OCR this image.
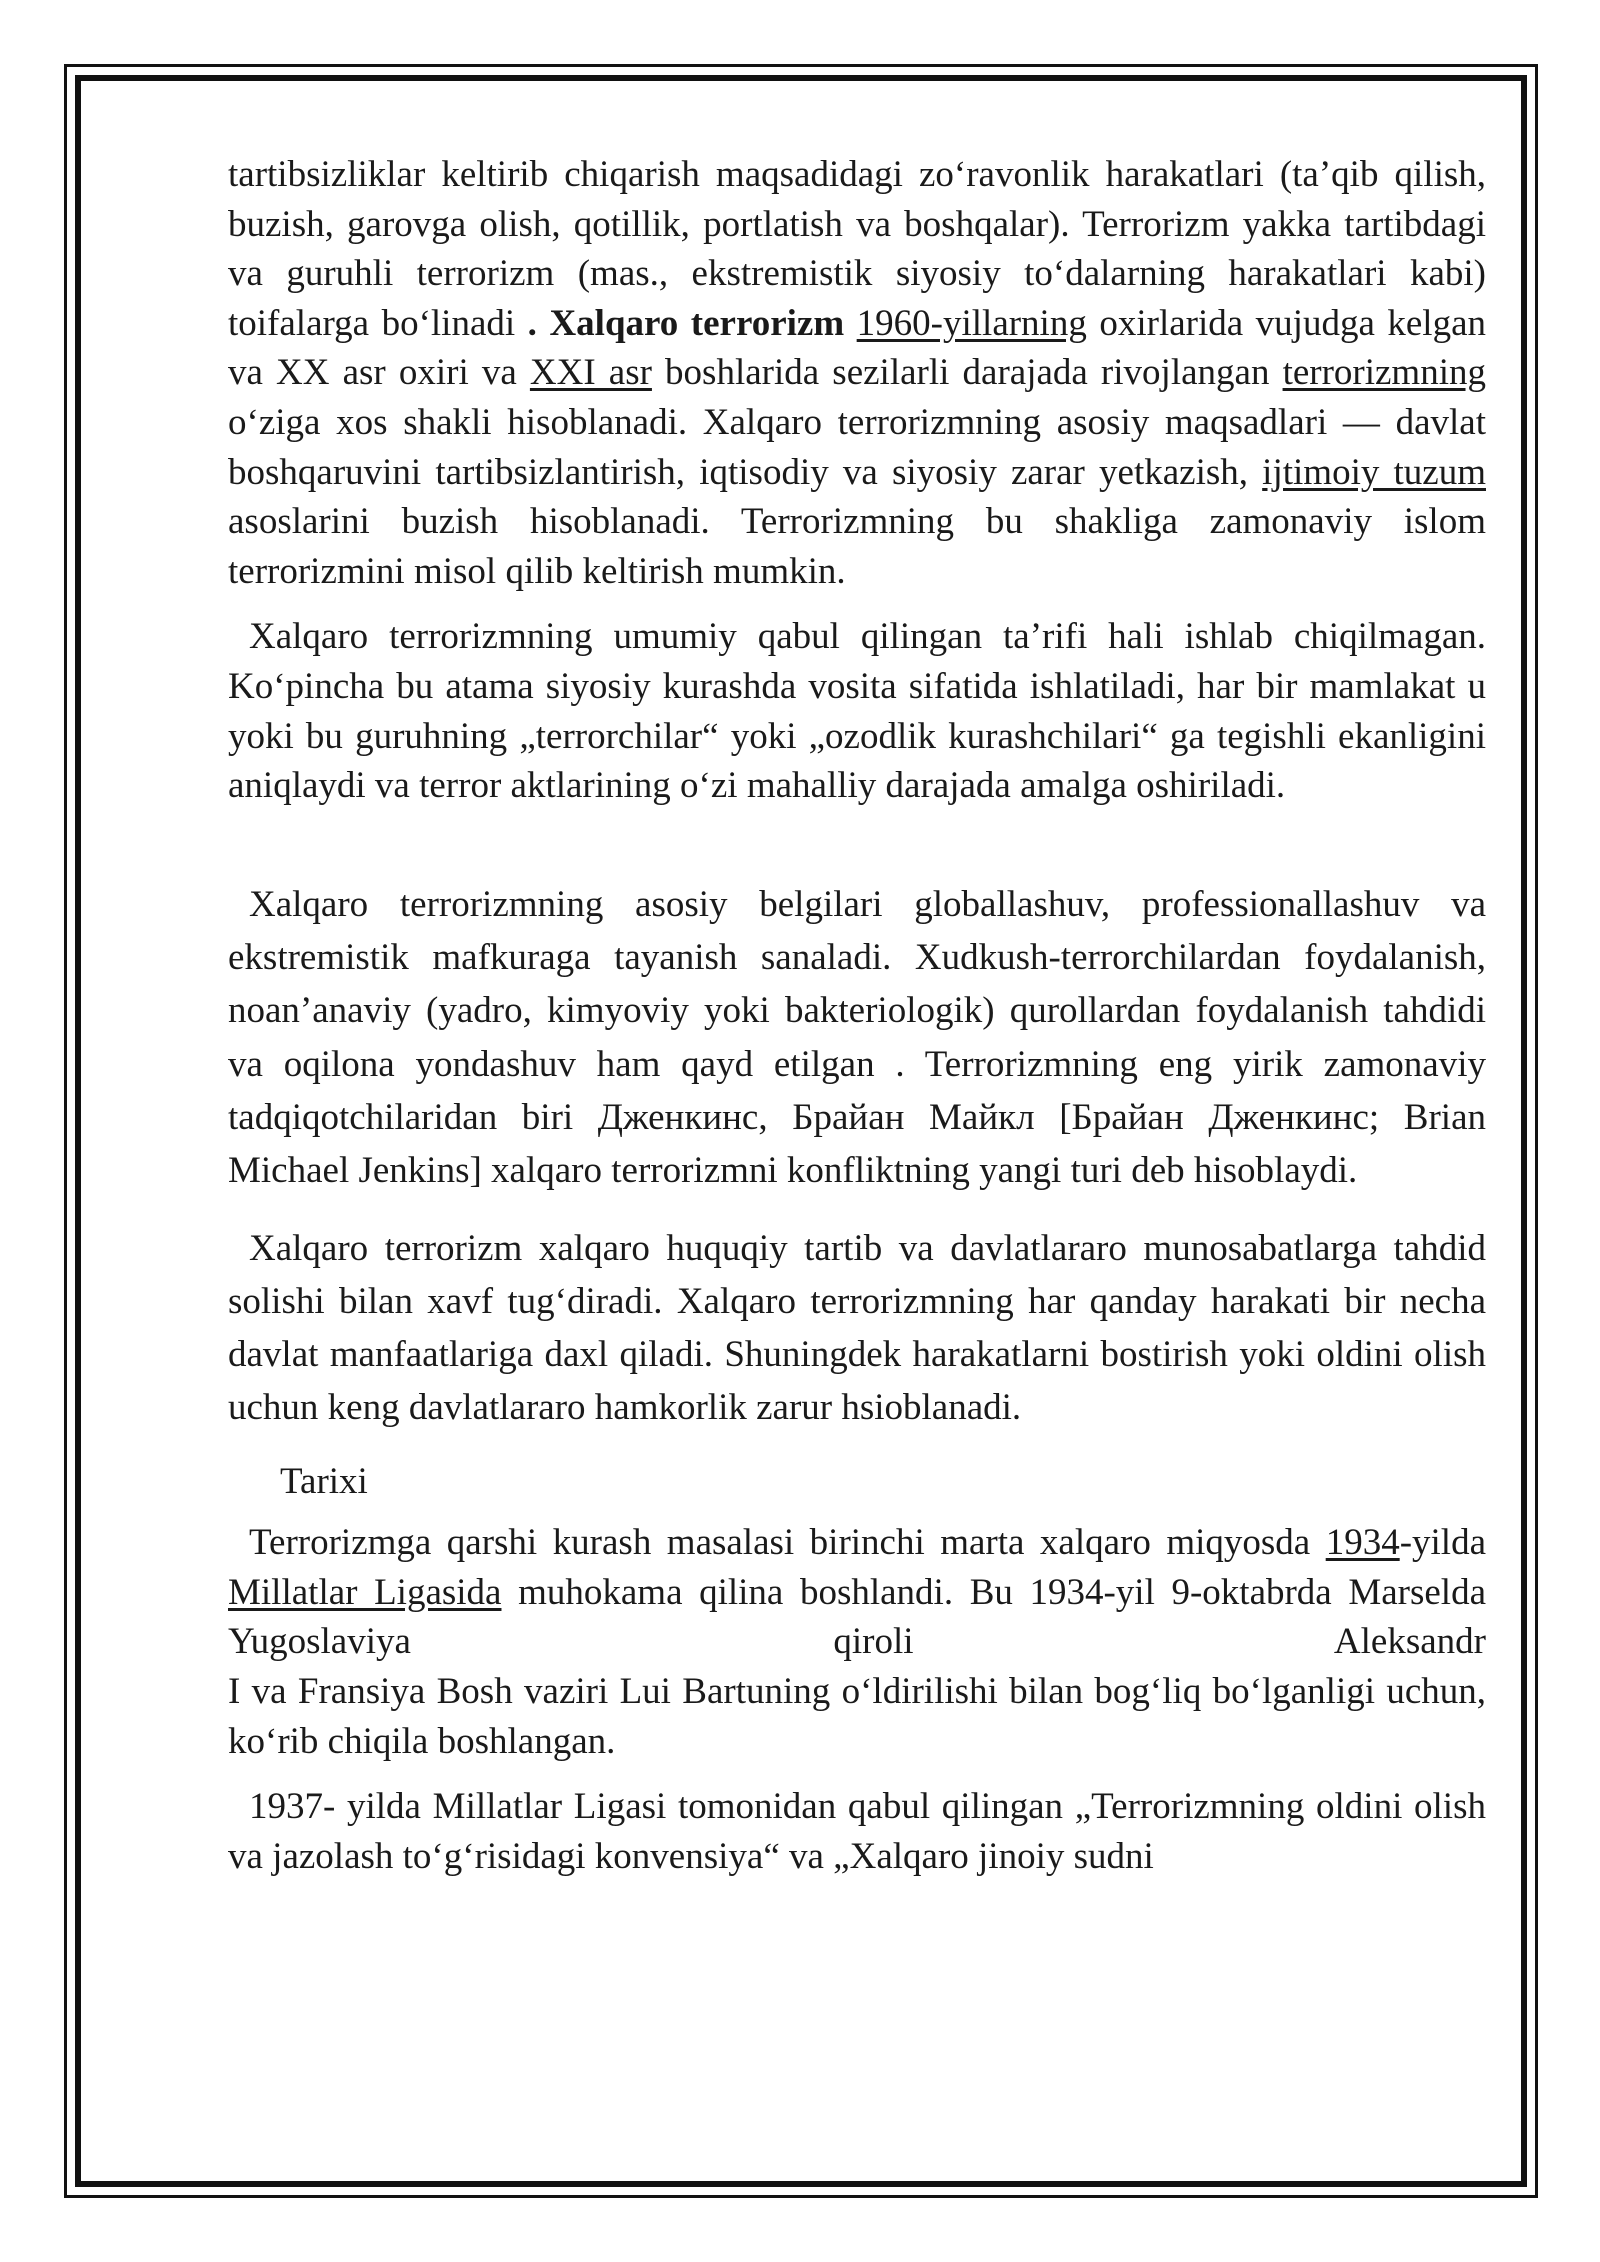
tartibsizliklar keltirib chiqarish maqsadidagi zoʻravonlik harakatlari (ta’qib qilish, buzish, garovga olish, qotillik, portlatish va boshqalar). Terrorizm yakka tartibdagi va guruhli terrorizm (mas., ekstremistik siyosiy toʻdalarning harakatlari kabi) toifalarga boʻlinadi . Xalqaro terrorizm 1960-yillarning oxirlarida vujudga kelgan va XX asr oxiri va XXI asr boshlarida sezilarli darajada rivojlangan terrorizmning oʻziga xos shakli hisoblanadi. Xalqaro terrorizmning asosiy maqsadlari — davlat boshqaruvini tartibsizlantirish, iqtisodiy va siyosiy zarar yetkazish, ijtimoiy tuzum asoslarini buzish hisoblanadi. Terrorizmning bu shakliga zamonaviy islom terrorizmini misol qilib keltirish mumkin.

Xalqaro terrorizmning umumiy qabul qilingan ta’rifi hali ishlab chiqilmagan. Koʻpincha bu atama siyosiy kurashda vosita sifatida ishlatiladi, har bir mamlakat u yoki bu guruhning „terrorchilar“ yoki „ozodlik kurashchilari“ ga tegishli ekanligini aniqlaydi va terror aktlarining oʻzi mahalliy darajada amalga oshiriladi.

Xalqaro terrorizmning asosiy belgilari globallashuv, professionallashuv va ekstremistik mafkuraga tayanish sanaladi. Xudkush-terrorchilardan foydalanish, noan’anaviy (yadro, kimyoviy yoki bakteriologik) qurollardan foydalanish tahdidi va oqilona yondashuv ham qayd etilgan . Terrorizmning eng yirik zamonaviy tadqiqotchilaridan biri Дженкинс, Брайан Майкл [Брайан Дженкинс; Brian Michael Jenkins] xalqaro terrorizmni konfliktning yangi turi deb hisoblaydi.

Xalqaro terrorizm xalqaro huquqiy tartib va davlatlararo munosabatlarga tahdid solishi bilan xavf tugʻdiradi. Xalqaro terrorizmning har qanday harakati bir necha davlat manfaatlariga daxl qiladi. Shuningdek harakatlarni bostirish yoki oldini olish uchun keng davlatlararo hamkorlik zarur hsioblanadi.

Tarixi

Terrorizmga qarshi kurash masalasi birinchi marta xalqaro miqyosda 1934-yilda Millatlar Ligasida muhokama qilina boshlandi. Bu 1934-yil 9-oktabrda Marselda Yugoslaviya qiroli Aleksandr
I va Fransiya Bosh vaziri Lui Bartuning oʻldirilishi bilan bogʻliq boʻlganligi uchun, koʻrib chiqila boshlangan.

1937- yilda Millatlar Ligasi tomonidan qabul qilingan „Terrorizmning oldini olish va jazolash toʻgʻrisidagi konvensiya“ va „Xalqaro jinoiy sudni
